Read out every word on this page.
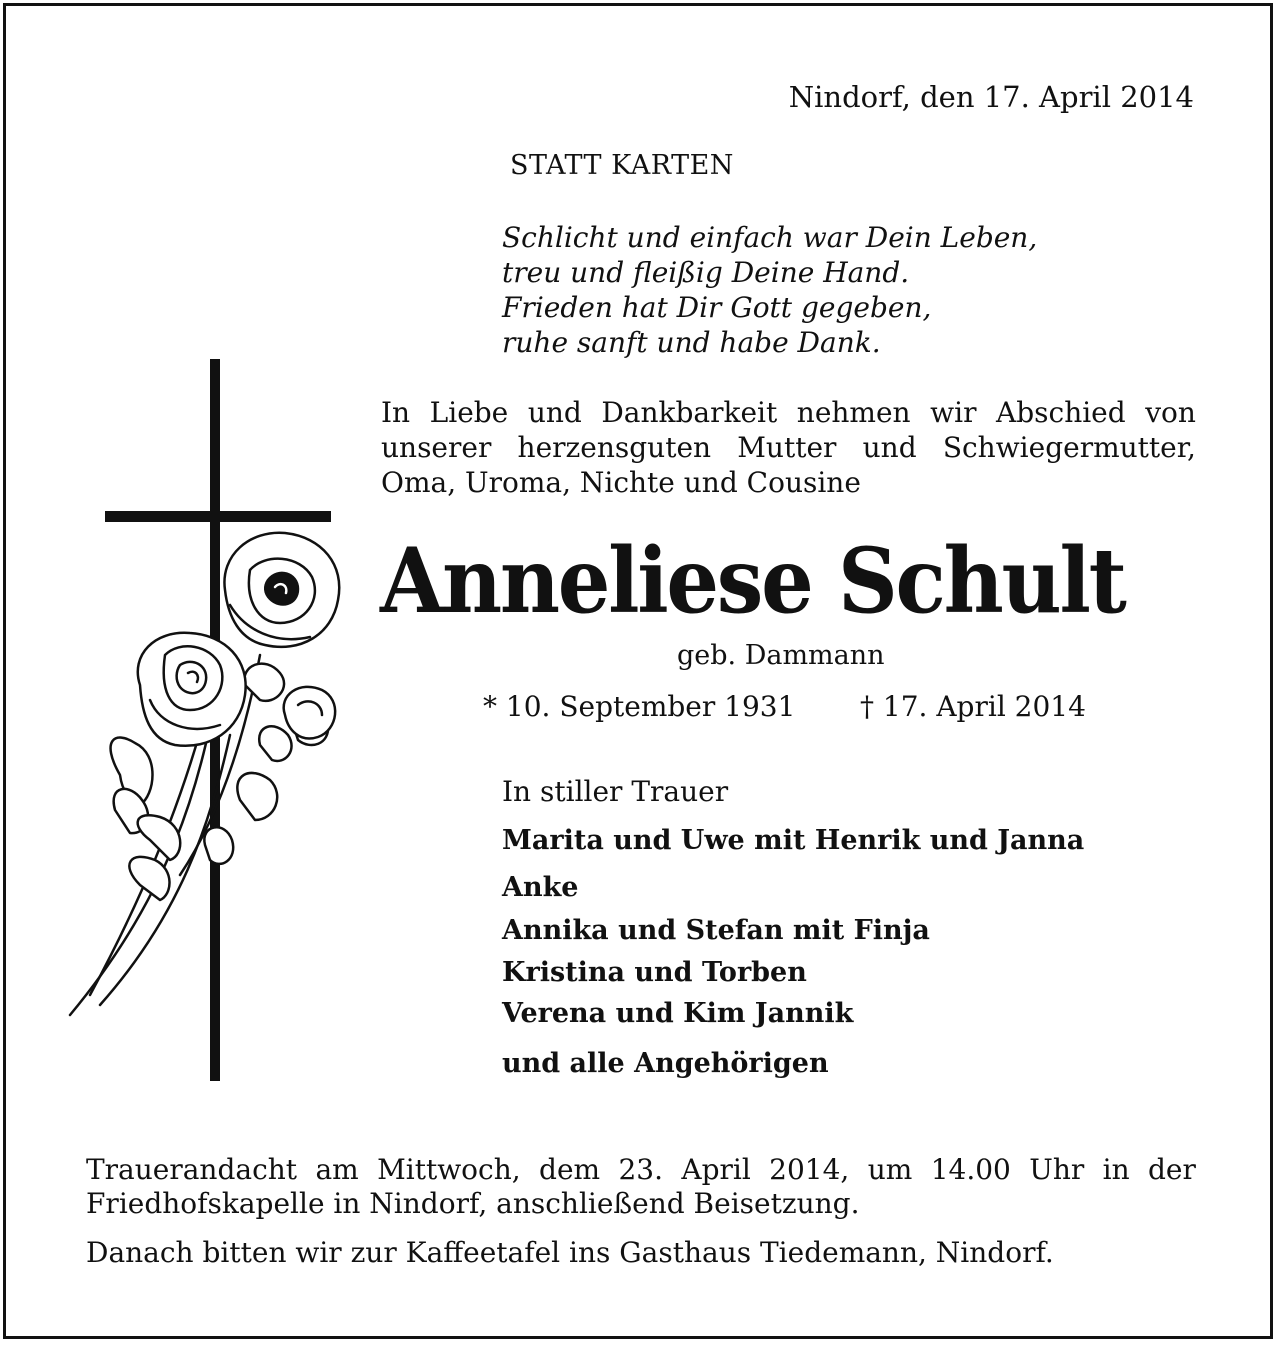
Nindorf, den 17. April 2014

STATT KARTEN

Schlicht und einfach war Dein Leben,
treu und fleißig Deine Hand.
Frieden hat Dir Gott gegeben,
ruhe sanft und habe Dank.
In Liebe und Dankbarkeit nehmen wir Abschied von
unserer herzensguten Mutter und Schwiegermutter,
Oma, Uroma, Nichte und Cousine
Anneliese Schult

geb. Dammann

* 10. September 1931 † 17. April 2014

In stiller Trauer

Marita und Uwe mit Henrik und Janna

Anke

Annika und Stefan mit Finja

Kristina und Torben

Verena und Kim Jannik

und alle Angehörigen

Trauerandacht am Mittwoch, dem 23. April 2014, um 14.00 Uhr in der
Friedhofskapelle in Nindorf, anschließend Beisetzung.

Danach bitten wir zur Kaffeetafel ins Gasthaus Tiedemann, Nindorf.
